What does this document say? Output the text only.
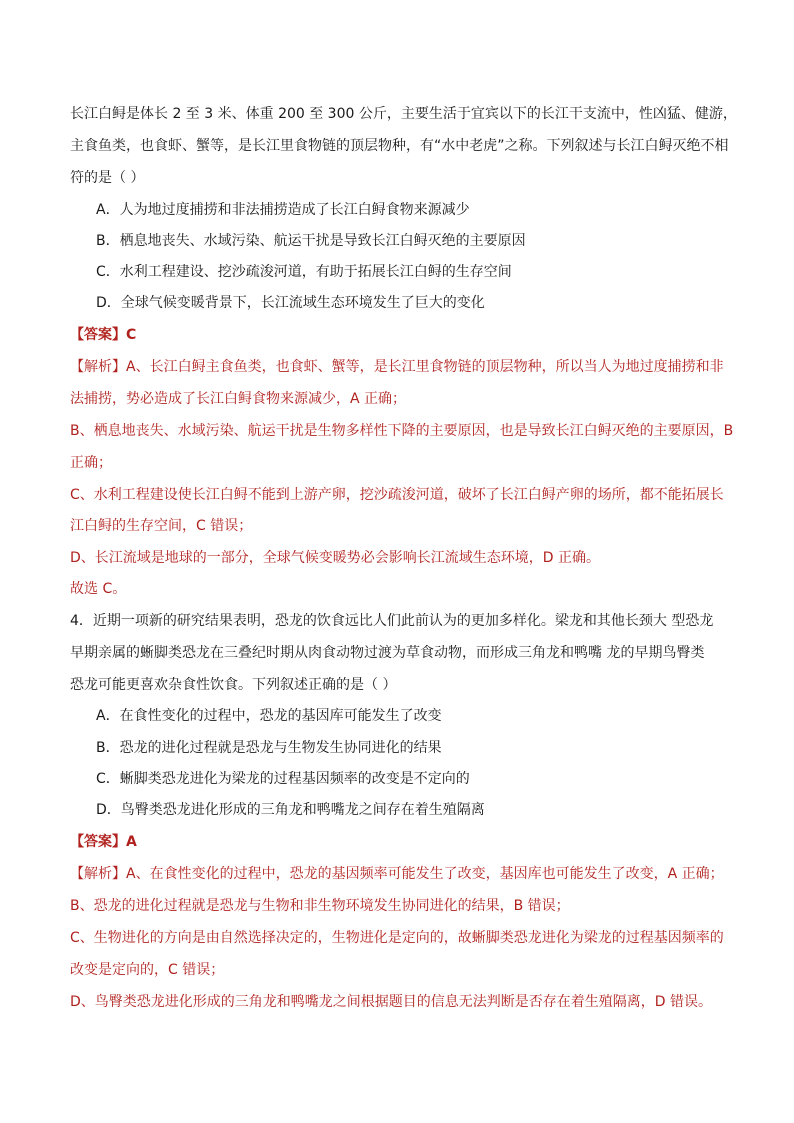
长江白鲟是体长 2 至 3 米、体重 200 至 300 公斤，主要生活于宜宾以下的长江干支流中，性凶猛、健游，
主食鱼类，也食虾、蟹等，是长江里食物链的顶层物种，有“水中老虎”之称。下列叙述与长江白鲟灭绝不相
符的是（ ）
A．人为地过度捕捞和非法捕捞造成了长江白鲟食物来源减少
B．栖息地丧失、水域污染、航运干扰是导致长江白鲟灭绝的主要原因
C．水利工程建设、挖沙疏浚河道，有助于拓展长江白鲟的生存空间
D．全球气候变暖背景下，长江流域生态环境发生了巨大的变化
【答案】C
【解析】A、长江白鲟主食鱼类，也食虾、蟹等，是长江里食物链的顶层物种，所以当人为地过度捕捞和非
法捕捞，势必造成了长江白鲟食物来源减少，A 正确；
B、栖息地丧失、水域污染、航运干扰是生物多样性下降的主要原因，也是导致长江白鲟灭绝的主要原因，B
正确；
C、水利工程建设使长江白鲟不能到上游产卵，挖沙疏浚河道，破坏了长江白鲟产卵的场所，都不能拓展长
江白鲟的生存空间，C 错误；
D、长江流域是地球的一部分，全球气候变暖势必会影响长江流域生态环境，D 正确。
故选 C。
4．近期一项新的研究结果表明，恐龙的饮食远比人们此前认为的更加多样化。梁龙和其他长颈大 型恐龙
早期亲属的蜥脚类恐龙在三叠纪时期从肉食动物过渡为草食动物，而形成三角龙和鸭嘴 龙的早期鸟臀类
恐龙可能更喜欢杂食性饮食。下列叙述正确的是（ ）
A．在食性变化的过程中，恐龙的基因库可能发生了改变
B．恐龙的进化过程就是恐龙与生物发生协同进化的结果
C．蜥脚类恐龙进化为梁龙的过程基因频率的改变是不定向的
D．鸟臀类恐龙进化形成的三角龙和鸭嘴龙之间存在着生殖隔离
【答案】A
【解析】A、在食性变化的过程中，恐龙的基因频率可能发生了改变，基因库也可能发生了改变，A 正确；
B、恐龙的进化过程就是恐龙与生物和非生物环境发生协同进化的结果，B 错误；
C、生物进化的方向是由自然选择决定的，生物进化是定向的，故蜥脚类恐龙进化为梁龙的过程基因频率的
改变是定向的，C 错误；
D、鸟臀类恐龙进化形成的三角龙和鸭嘴龙之间根据题目的信息无法判断是否存在着生殖隔离，D 错误。
